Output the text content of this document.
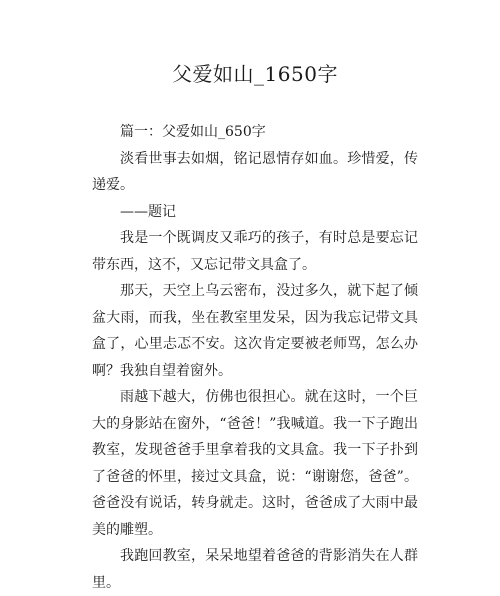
父爱如山_1650字

篇一：父爱如山_650字

淡看世事去如烟，铭记恩情存如血。珍惜爱，传递爱。

——题记

我是一个既调皮又乖巧的孩子，有时总是要忘记带东西，这不，又忘记带文具盒了。

那天，天空上乌云密布，没过多久，就下起了倾盆大雨，而我，坐在教室里发呆，因为我忘记带文具盒了，心里忐忑不安。这次肯定要被老师骂，怎么办啊？我独自望着窗外。

雨越下越大，仿佛也很担心。就在这时，一个巨大的身影站在窗外，“爸爸！”我喊道。我一下子跑出教室，发现爸爸手里拿着我的文具盒。我一下子扑到了爸爸的怀里，接过文具盒，说：“谢谢您，爸爸”。爸爸没有说话，转身就走。这时，爸爸成了大雨中最美的雕塑。

我跑回教室，呆呆地望着爸爸的背影消失在人群里。
